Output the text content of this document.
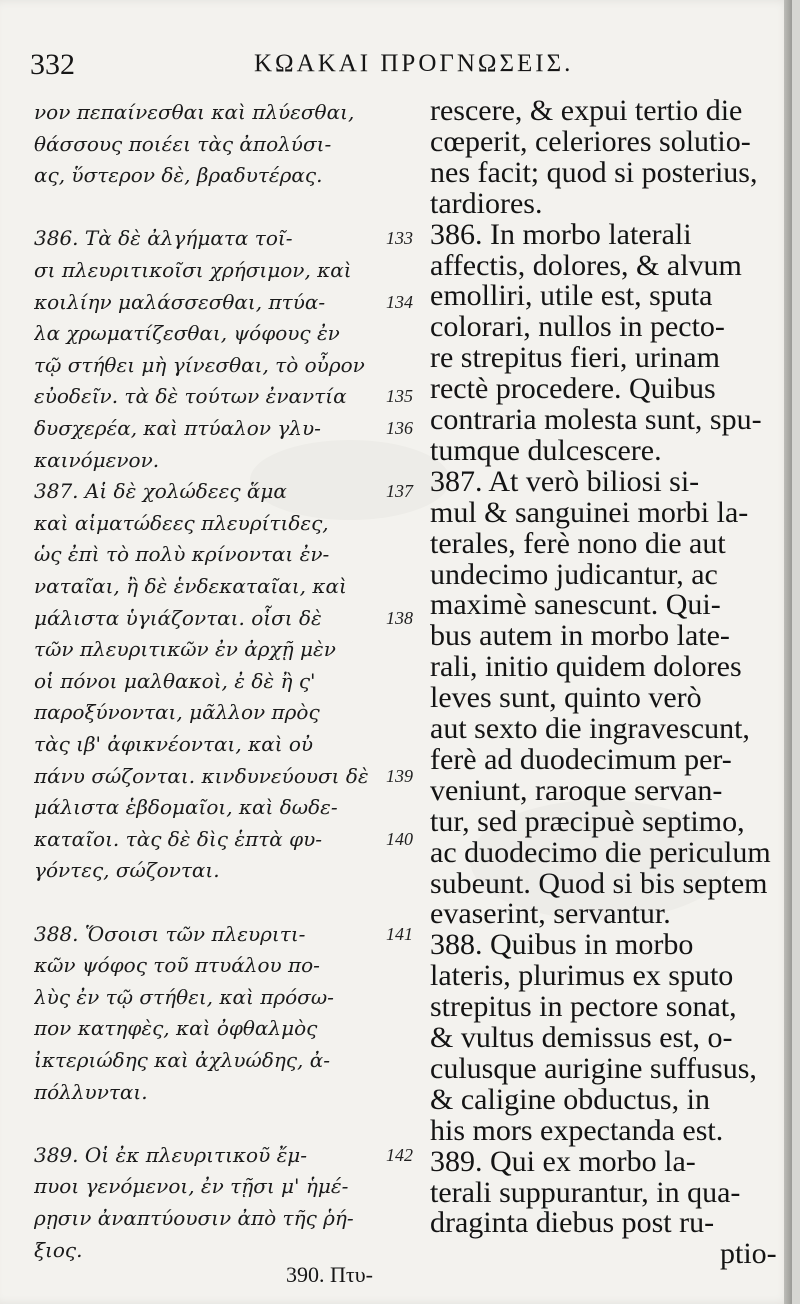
332	ΚΩΑΚΑΙ ΠΡΟΓΝΩΣΕΙΣ.
νον πεπαίνεσθαι καὶ πλύεσθαι,
θάσσους ποιέει τὰς ἀπολύσι-
ας, ὕστερον δὲ, βραδυτέρας.
386. Τὰ δὲ ἀλγήματα τοῖ-
σι πλευριτικοῖσι χρήσιμον, καὶ
κοιλίην μαλάσσεσθαι, πτύα-
λα χρωματίζεσθαι, ψόφους ἐν
τῷ στήθει μὴ γίνεσθαι, τὸ οὖρον
εὐοδεῖν. τὰ δὲ τούτων ἐναντία
δυσχερέα, καὶ πτύαλον γλυ-
καινόμενον.
387. Αἱ δὲ χολώδεες ἅμα
καὶ αἱματώδεες πλευρίτιδες,
ὡς ἐπὶ τὸ πολὺ κρίνονται ἐν-
ναταῖαι, ἢ δὲ ἑνδεκαταῖαι, καὶ
μάλιστα ὑγιάζονται. οἷσι δὲ
τῶν πλευριτικῶν ἐν ἀρχῇ μὲν
οἱ πόνοι μαλθακοὶ, ἐ δὲ ἢ ς'
παροξύνονται, μᾶλλον πρὸς
τὰς ιβ' ἀφικνέονται, καὶ οὐ
πάνυ σώζονται. κινδυνεύουσι δὲ
μάλιστα ἑβδομαῖοι, καὶ δωδε-
καταῖοι. τὰς δὲ δὶς ἑπτὰ φυ-
γόντες, σώζονται.
388. Ὅσοισι τῶν πλευριτι-
κῶν ψόφος τοῦ πτυάλου πο-
λὺς ἐν τῷ στήθει, καὶ πρόσω-
πον κατηφὲς, καὶ ὀφθαλμὸς
ἰκτεριώδης καὶ ἀχλυώδης, ἀ-
πόλλυνται.
389. Οἱ ἐκ πλευριτικοῦ ἔμ-
πυοι γενόμενοι, ἐν τῇσι μ' ἡμέ-
ρῃσιν ἀναπτύουσιν ἀπὸ τῆς ῥή-
ξιος.
133
134
135
136
137
138
139
140
141
142
rescere, & expui tertio die
cœperit, celeriores solutio-
nes facit; quod si posterius,
tardiores.
386. In morbo laterali
affectis, dolores, & alvum
emolliri, utile est, sputa
colorari, nullos in pecto-
re strepitus fieri, urinam
rectè procedere. Quibus
contraria molesta sunt, spu-
tumque dulcescere.
387. At verò biliosi si-
mul & sanguinei morbi la-
terales, ferè nono die aut
undecimo judicantur, ac
maximè sanescunt. Qui-
bus autem in morbo late-
rali, initio quidem dolores
leves sunt, quinto verò
aut sexto die ingravescunt,
ferè ad duodecimum per-
veniunt, raroque servan-
tur, sed præcipuè septimo,
ac duodecimo die periculum
subeunt. Quod si bis septem
evaserint, servantur.
388. Quibus in morbo
lateris, plurimus ex sputo
strepitus in pectore sonat,
& vultus demissus est, o-
culusque aurigine suffusus,
& caligine obductus, in
his mors expectanda est.
389. Qui ex morbo la-
terali suppurantur, in qua-
draginta diebus post ru-
ptio-
390. Πτυ-
